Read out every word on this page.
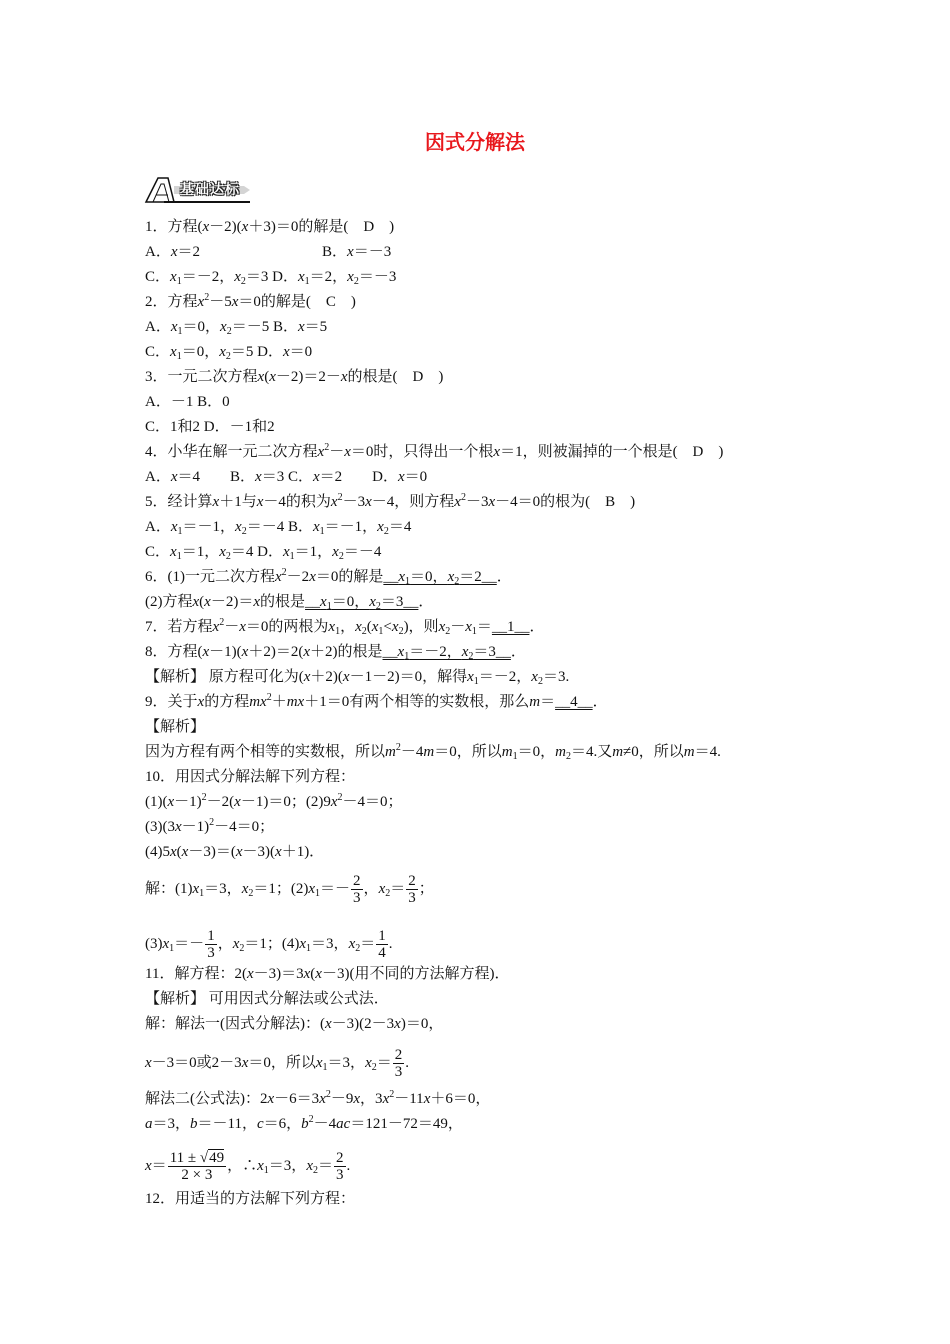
因式分解法
基础达标
1．方程(x－2)(x＋3)＝0的解是(　D　)
A．x＝2	B．x＝－3
C．$x_1=-2$，$x_2=3$ D．$x_1=2$，$x_2=-3$
2．方程$x^2-5x=0$的解是(　C　)
A．$x_1=0$，$x_2=-5$ B．x＝5
C．$x_1=0$，$x_2=5$ D．x＝0
3．一元二次方程x(x－2)＝2－x的根是(　D　)
A．－1 B．0
C．1和2 D．－1和2
4．小华在解一元二次方程$x^2-x=0$时，只得出一个根x＝1，则被漏掉的一个根是(　D　)
A．x＝4　　B．x＝3 C．x＝2　　D．x＝0
5．经计算x＋1与x－4的积为$x^2-3x-4$，则方程$x^2-3x-4=0$的根为(　B　)
A．$x_1=-1$，$x_2=-4$ B．$x_1=-1$，$x_2=4$
C．$x_1=1$，$x_2=4$ D．$x_1=1$，$x_2=-4$
6．(1)一元二次方程$x^2-2x=0$的解是$\_\_x_1=0$，$x_2=2\_\_$．
(2)方程x(x－2)＝x的根是$\_\_x_1=0$，$x_2=3\_\_$．
7．若方程$x^2-x=0$的两根为$x_1$，$x_2(x_1<x_2)$，则$x_2-x_1=\_\_1\_\_$．
8．方程(x－1)(x＋2)＝2(x＋2)的根是$\_\_x_1=-2$，$x_2=3\_\_$．
【解析】 原方程可化为(x＋2)(x－1－2)＝0，解得$x_1=-2$，$x_2=3$.
9．关于x的方程$mx^2+mx+1=0$有两个相等的实数根，那么m＝__4__．
【解析】
因为方程有两个相等的实数根，所以$m^2-4m=0$，所以$m_1=0$，$m_2=4$.又m≠0，所以m＝4.
10．用因式分解法解下列方程：
$(1)(x-1)^2-2(x-1)=0$；$(2)9x^2-4=0$；
$(3)(3x-1)^2-4=0$；
(4)5x(x－3)＝(x－3)(x＋1)．
解：$(1)x_1=3$，$x_2=1$；$(2)x_1=- \frac{2}{3}$ ，$x_2= \frac{2}{3}$ ；
$(3)x_1=- \frac{1}{3}$ ，$x_2=1$；$(4)x_1=3$，$x_2= \frac{1}{4}$ .
11．解方程：2(x－3)＝3x(x－3)(用不同的方法解方程)．
【解析】 可用因式分解法或公式法．
解：解法一(因式分解法)：(x－3)(2－3x)＝0，
x－3＝0或2－3x＝0，所以$x_1=3$，$x_2= \frac{2}{3}$ .
解法二(公式法)：$2x-6=3x^2-9x$，$3x^2-11x+6=0$，
a＝3，b＝－11，c＝6，$b^2-4ac=121-72=49$，
$x= \frac{11 \pm √49}{2 \times 3}$ ，$\therefore x_1=3$，$x_2= \frac{2}{3}$ .
12．用适当的方法解下列方程：
